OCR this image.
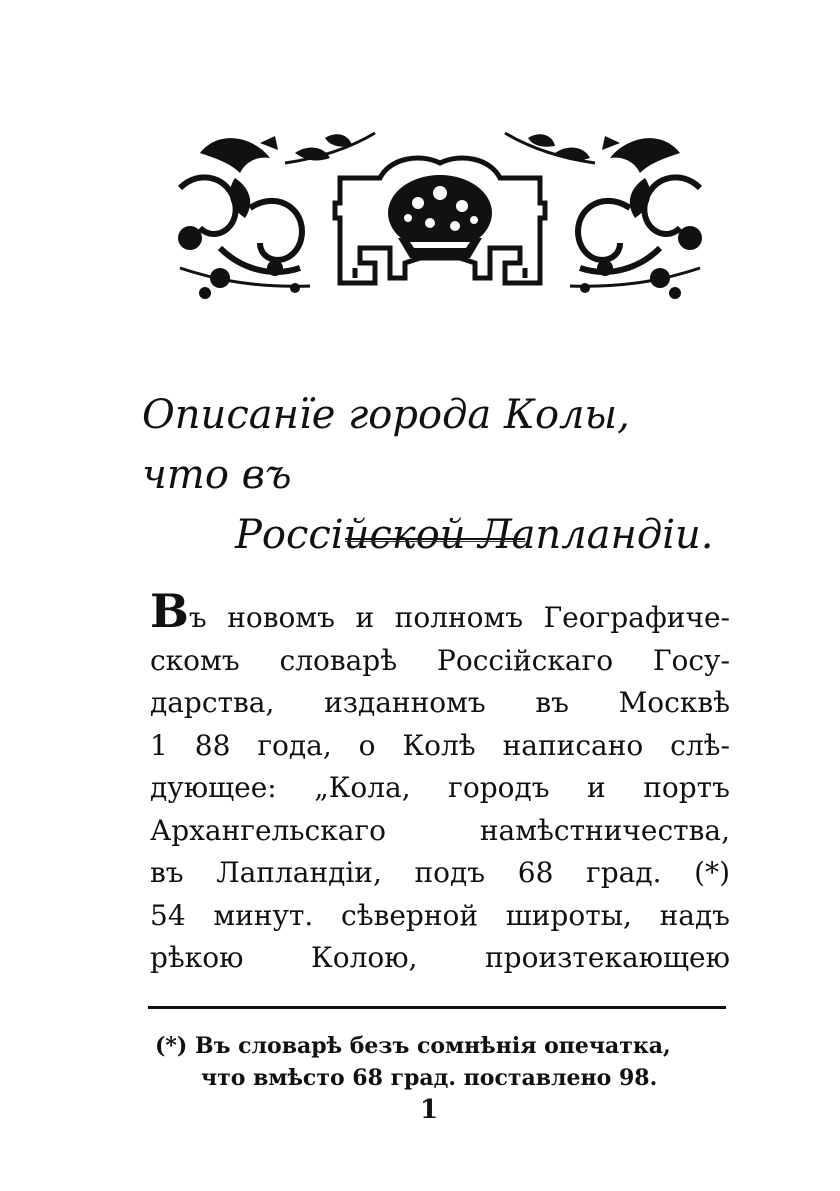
Описанїе города Колы, что въ
Россійской Лапландіи.
Въ новомъ и полномъ Географиче-
скомъ словарѣ Россійскаго Госу-
дарства, изданномъ въ Москвѣ
1 88 года, о Колѣ написано слѣ-
дующее: „Кола, городъ и портъ
Архангельскаго намѣстничества,
въ Лапландіи, подъ 68 град. (*)
54 минут. сѣверной широты, надъ
рѣкою Колою, произтекающею
(*) Въ словарѣ безъ сомнѣнія опечатка,
что вмѣсто 68 град. поставлено 98.
1
